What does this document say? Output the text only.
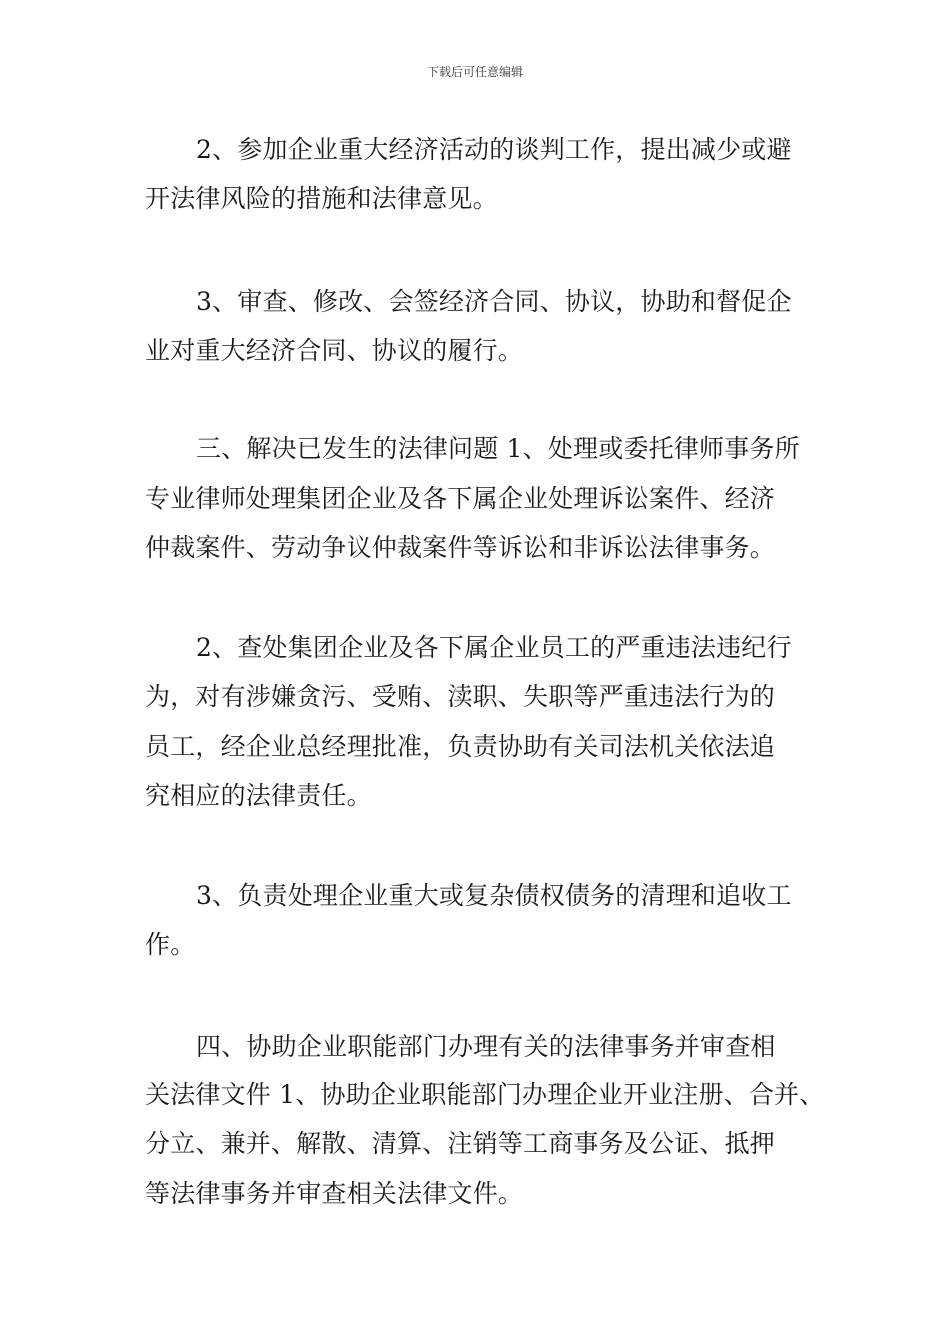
下载后可任意编辑
2、参加企业重大经济活动的谈判工作，提出减少或避
开法律风险的措施和法律意见。
3、审查、修改、会签经济合同、协议，协助和督促企
业对重大经济合同、协议的履行。
三、解决已发生的法律问题 1、处理或委托律师事务所
专业律师处理集团企业及各下属企业处理诉讼案件、经济
仲裁案件、劳动争议仲裁案件等诉讼和非诉讼法律事务。
2、查处集团企业及各下属企业员工的严重违法违纪行
为，对有涉嫌贪污、受贿、渎职、失职等严重违法行为的
员工，经企业总经理批准，负责协助有关司法机关依法追
究相应的法律责任。
3、负责处理企业重大或复杂债权债务的清理和追收工
作。
四、协助企业职能部门办理有关的法律事务并审查相
关法律文件 1、协助企业职能部门办理企业开业注册、合并、
分立、兼并、解散、清算、注销等工商事务及公证、抵押
等法律事务并审查相关法律文件。
